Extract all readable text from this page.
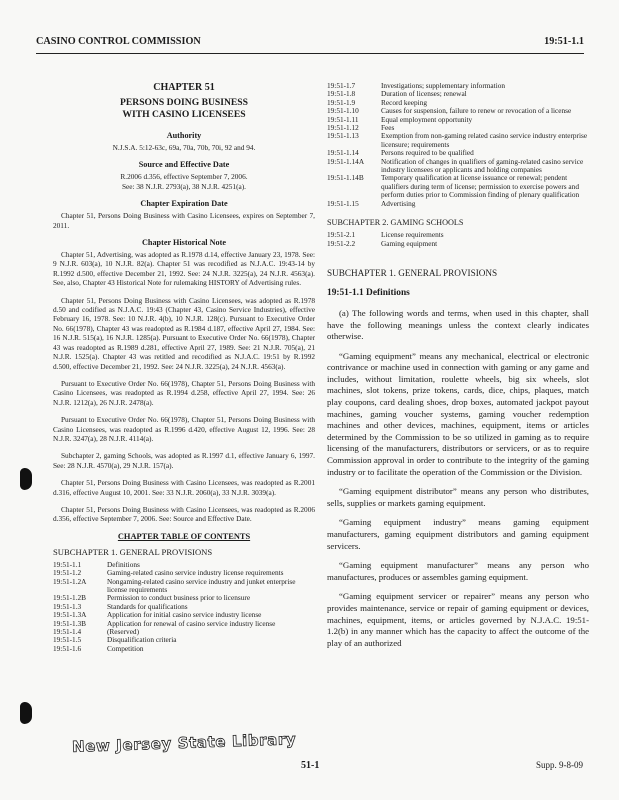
CASINO CONTROL COMMISSION	19:51-1.1
CHAPTER 51
PERSONS DOING BUSINESS
WITH CASINO LICENSEES
Authority

N.J.S.A. 5:12-63c, 69a, 70a, 70b, 70i, 92 and 94.

Source and Effective Date

R.2006 d.356, effective September 7, 2006.
See: 38 N.J.R. 2793(a), 38 N.J.R. 4251(a).

Chapter Expiration Date

Chapter 51, Persons Doing Business with Casino Licensees, expires on September 7, 2011.

Chapter Historical Note

Chapter 51, Advertising, was adopted as R.1978 d.14, effective January 23, 1978. See: 9 N.J.R. 603(a), 10 N.J.R. 82(a). Chapter 51 was recodified as N.J.A.C. 19:43-14 by R.1992 d.500, effective December 21, 1992. See: 24 N.J.R. 3225(a), 24 N.J.R. 4563(a). See, also, Chapter 43 Historical Note for rulemaking HISTORY of Advertising rules.

Chapter 51, Persons Doing Business with Casino Licensees, was adopted as R.1978 d.50 and codified as N.J.A.C. 19:43 (Chapter 43, Casino Service Industries), effective February 16, 1978. See: 10 N.J.R. 4(b), 10 N.J.R. 128(c). Pursuant to Executive Order No. 66(1978), Chapter 43 was readopted as R.1984 d.187, effective April 27, 1984. See: 16 N.J.R. 515(a), 16 N.J.R. 1285(a). Pursuant to Executive Order No. 66(1978), Chapter 43 was readopted as R.1989 d.281, effective April 27, 1989. See: 21 N.J.R. 705(a), 21 N.J.R. 1525(a). Chapter 43 was retitled and recodified as N.J.A.C. 19:51 by R.1992 d.500, effective December 21, 1992. See: 24 N.J.R. 3225(a), 24 N.J.R. 4563(a).

Pursuant to Executive Order No. 66(1978), Chapter 51, Persons Doing Business with Casino Licensees, was readopted as R.1994 d.258, effective April 27, 1994. See: 26 N.J.R. 1212(a), 26 N.J.R. 2478(a).

Pursuant to Executive Order No. 66(1978), Chapter 51, Persons Doing Business with Casino Licensees, was readopted as R.1996 d.420, effective August 12, 1996. See: 28 N.J.R. 3247(a), 28 N.J.R. 4114(a).

Subchapter 2, gaming Schools, was adopted as R.1997 d.1, effective January 6, 1997. See: 28 N.J.R. 4570(a), 29 N.J.R. 157(a).

Chapter 51, Persons Doing Business with Casino Licensees, was readopted as R.2001 d.316, effective August 10, 2001. See: 33 N.J.R. 2060(a), 33 N.J.R. 3039(a).

Chapter 51, Persons Doing Business with Casino Licensees, was readopted as R.2006 d.356, effective September 7, 2006. See: Source and Effective Date.

CHAPTER TABLE OF CONTENTS
SUBCHAPTER 1. GENERAL PROVISIONS
19:51-1.1	Definitions
19:51-1.2	Gaming-related casino service industry license requirements
19:51-1.2A	Nongaming-related casino service industry and junket enterprise license requirements
19:51-1.2B	Permission to conduct business prior to licensure
19:51-1.3	Standards for qualifications
19:51-1.3A	Application for initial casino service industry license
19:51-1.3B	Application for renewal of casino service industry license
19:51-1.4	(Reserved)
19:51-1.5	Disqualification criteria
19:51-1.6	Competition
19:51-1.7	Investigations; supplementary information
19:51-1.8	Duration of licenses; renewal
19:51-1.9	Record keeping
19:51-1.10	Causes for suspension, failure to renew or revocation of a license
19:51-1.11	Equal employment opportunity
19:51-1.12	Fees
19:51-1.13	Exemption from non-gaming related casino service industry enterprise licensure; requirements
19:51-1.14	Persons required to be qualified
19:51-1.14A	Notification of changes in qualifiers of gaming-related casino service industry licensees or applicants and holding companies
19:51-1.14B	Temporary qualification at license issuance or renewal; pendent qualifiers during term of license; permission to exercise powers and perform duties prior to Commission finding of plenary qualification
19:51-1.15	Advertising
SUBCHAPTER 2. GAMING SCHOOLS
19:51-2.1	License requirements
19:51-2.2	Gaming equipment
SUBCHAPTER 1. GENERAL PROVISIONS
19:51-1.1 Definitions

(a) The following words and terms, when used in this chapter, shall have the following meanings unless the context clearly indicates otherwise.

“Gaming equipment” means any mechanical, electrical or electronic contrivance or machine used in connection with gaming or any game and includes, without limitation, roulette wheels, big six wheels, slot machines, slot tokens, prize tokens, cards, dice, chips, plaques, match play coupons, card dealing shoes, drop boxes, automated jackpot payout machines, gaming voucher systems, gaming voucher redemption machines and other devices, machines, equipment, items or articles determined by the Commission to be so utilized in gaming as to require licensing of the manufacturers, distributors or servicers, or as to require Commission approval in order to contribute to the integrity of the gaming industry or to facilitate the operation of the Commission or the Division.

“Gaming equipment distributor” means any person who distributes, sells, supplies or markets gaming equipment.

“Gaming equipment industry” means gaming equipment manufacturers, gaming equipment distributors and gaming equipment servicers.

“Gaming equipment manufacturer” means any person who manufactures, produces or assembles gaming equipment.

“Gaming equipment servicer or repairer” means any person who provides maintenance, service or repair of gaming equipment or devices, machines, equipment, items, or articles governed by N.J.A.C. 19:51-1.2(b) in any manner which has the capacity to affect the outcome of the play of an authorized

New Jersey State Library
51-1	Supp. 9-8-09
